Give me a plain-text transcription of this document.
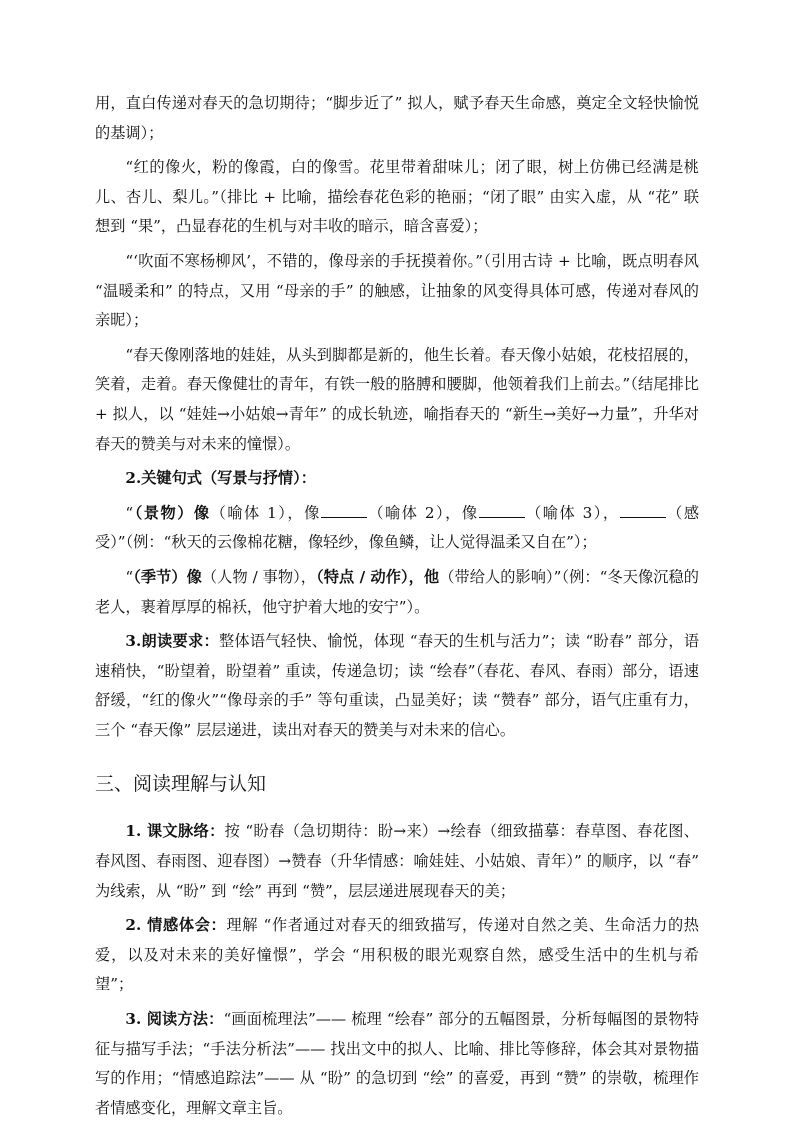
用，直白传递对春天的急切期待；“脚步近了” 拟人，赋予春天生命感，奠定全文轻快愉悦的基调）；

“红的像火，粉的像霞，白的像雪。花里带着甜味儿；闭了眼，树上仿佛已经满是桃儿、杏儿、梨儿。”（排比 + 比喻，描绘春花色彩的艳丽；“闭了眼” 由实入虚，从 “花” 联想到 “果”，凸显春花的生机与对丰收的暗示，暗含喜爱）；

“‘吹面不寒杨柳风’，不错的，像母亲的手抚摸着你。”（引用古诗 + 比喻，既点明春风 “温暖柔和” 的特点，又用 “母亲的手” 的触感，让抽象的风变得具体可感，传递对春风的亲昵）；

“春天像刚落地的娃娃，从头到脚都是新的，他生长着。春天像小姑娘，花枝招展的，笑着，走着。春天像健壮的青年，有铁一般的胳膊和腰脚，他领着我们上前去。”（结尾排比 + 拟人，以 “娃娃→小姑娘→青年” 的成长轨迹，喻指春天的 “新生→美好→力量”，升华对春天的赞美与对未来的憧憬）。

2.关键句式（写景与抒情）：

“（景物）像（喻体 1），像	（喻体 2），像	（喻体 3），	（感受）”（例：“秋天的云像棉花糖，像轻纱，像鱼鳞，让人觉得温柔又自在”）；

“（季节）像（人物 / 事物），（特点 / 动作），他（带给人的影响）”（例：“冬天像沉稳的老人，裹着厚厚的棉袄，他守护着大地的安宁”）。

3.朗读要求：整体语气轻快、愉悦，体现 “春天的生机与活力”；读 “盼春” 部分，语速稍快，“盼望着，盼望着” 重读，传递急切；读 “绘春”（春花、春风、春雨）部分，语速舒缓，“红的像火”“像母亲的手” 等句重读，凸显美好；读 “赞春” 部分，语气庄重有力，三个 “春天像” 层层递进，读出对春天的赞美与对未来的信心。

三、阅读理解与认知

1. 课文脉络：按 “盼春（急切期待：盼→来）→绘春（细致描摹：春草图、春花图、春风图、春雨图、迎春图）→赞春（升华情感：喻娃娃、小姑娘、青年）” 的顺序，以 “春” 为线索，从 “盼” 到 “绘” 再到 “赞”，层层递进展现春天的美；

2. 情感体会：理解 “作者通过对春天的细致描写，传递对自然之美、生命活力的热爱，以及对未来的美好憧憬”，学会 “用积极的眼光观察自然，感受生活中的生机与希望”；

3. 阅读方法：“画面梳理法”—— 梳理 “绘春” 部分的五幅图景，分析每幅图的景物特征与描写手法；“手法分析法”—— 找出文中的拟人、比喻、排比等修辞，体会其对景物描写的作用；“情感追踪法”—— 从 “盼” 的急切到 “绘” 的喜爱，再到 “赞” 的崇敬，梳理作者情感变化，理解文章主旨。
